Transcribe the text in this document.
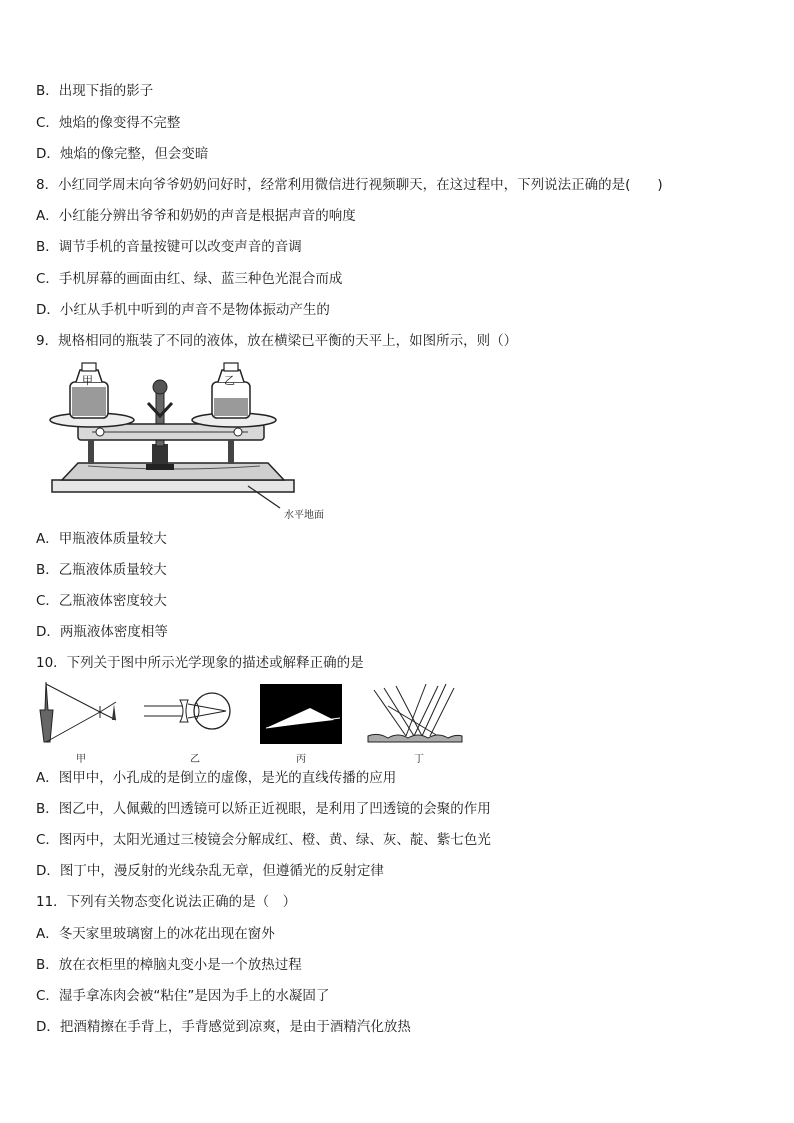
B．出现下指的影子
C．烛焰的像变得不完整
D．烛焰的像完整，但会变暗
8．小红同学周末向爷爷奶奶问好时，经常利用微信进行视频聊天，在这过程中，下列说法正确的是(　　)
A．小红能分辨出爷爷和奶奶的声音是根据声音的响度
B．调节手机的音量按键可以改变声音的音调
C．手机屏幕的画面由红、绿、蓝三种色光混合而成
D．小红从手机中听到的声音不是物体振动产生的
9．规格相同的瓶装了不同的液体，放在横梁已平衡的天平上，如图所示，则（）
甲	乙
水平地面
A．甲瓶液体质量较大
B．乙瓶液体质量较大
C．乙瓶液体密度较大
D．两瓶液体密度相等
10．下列关于图中所示光学现象的描述或解释正确的是
甲	乙	丙	丁
A．图甲中，小孔成的是倒立的虚像，是光的直线传播的应用
B．图乙中，人佩戴的凹透镜可以矫正近视眼，是利用了凹透镜的会聚的作用
C．图丙中，太阳光通过三棱镜会分解成红、橙、黄、绿、灰、靛、紫七色光
D．图丁中，漫反射的光线杂乱无章，但遵循光的反射定律
11．下列有关物态变化说法正确的是（　）
A．冬天家里玻璃窗上的冰花出现在窗外
B．放在衣柜里的樟脑丸变小是一个放热过程
C．湿手拿冻肉会被“粘住”是因为手上的水凝固了
D．把酒精擦在手背上，手背感觉到凉爽，是由于酒精汽化放热
